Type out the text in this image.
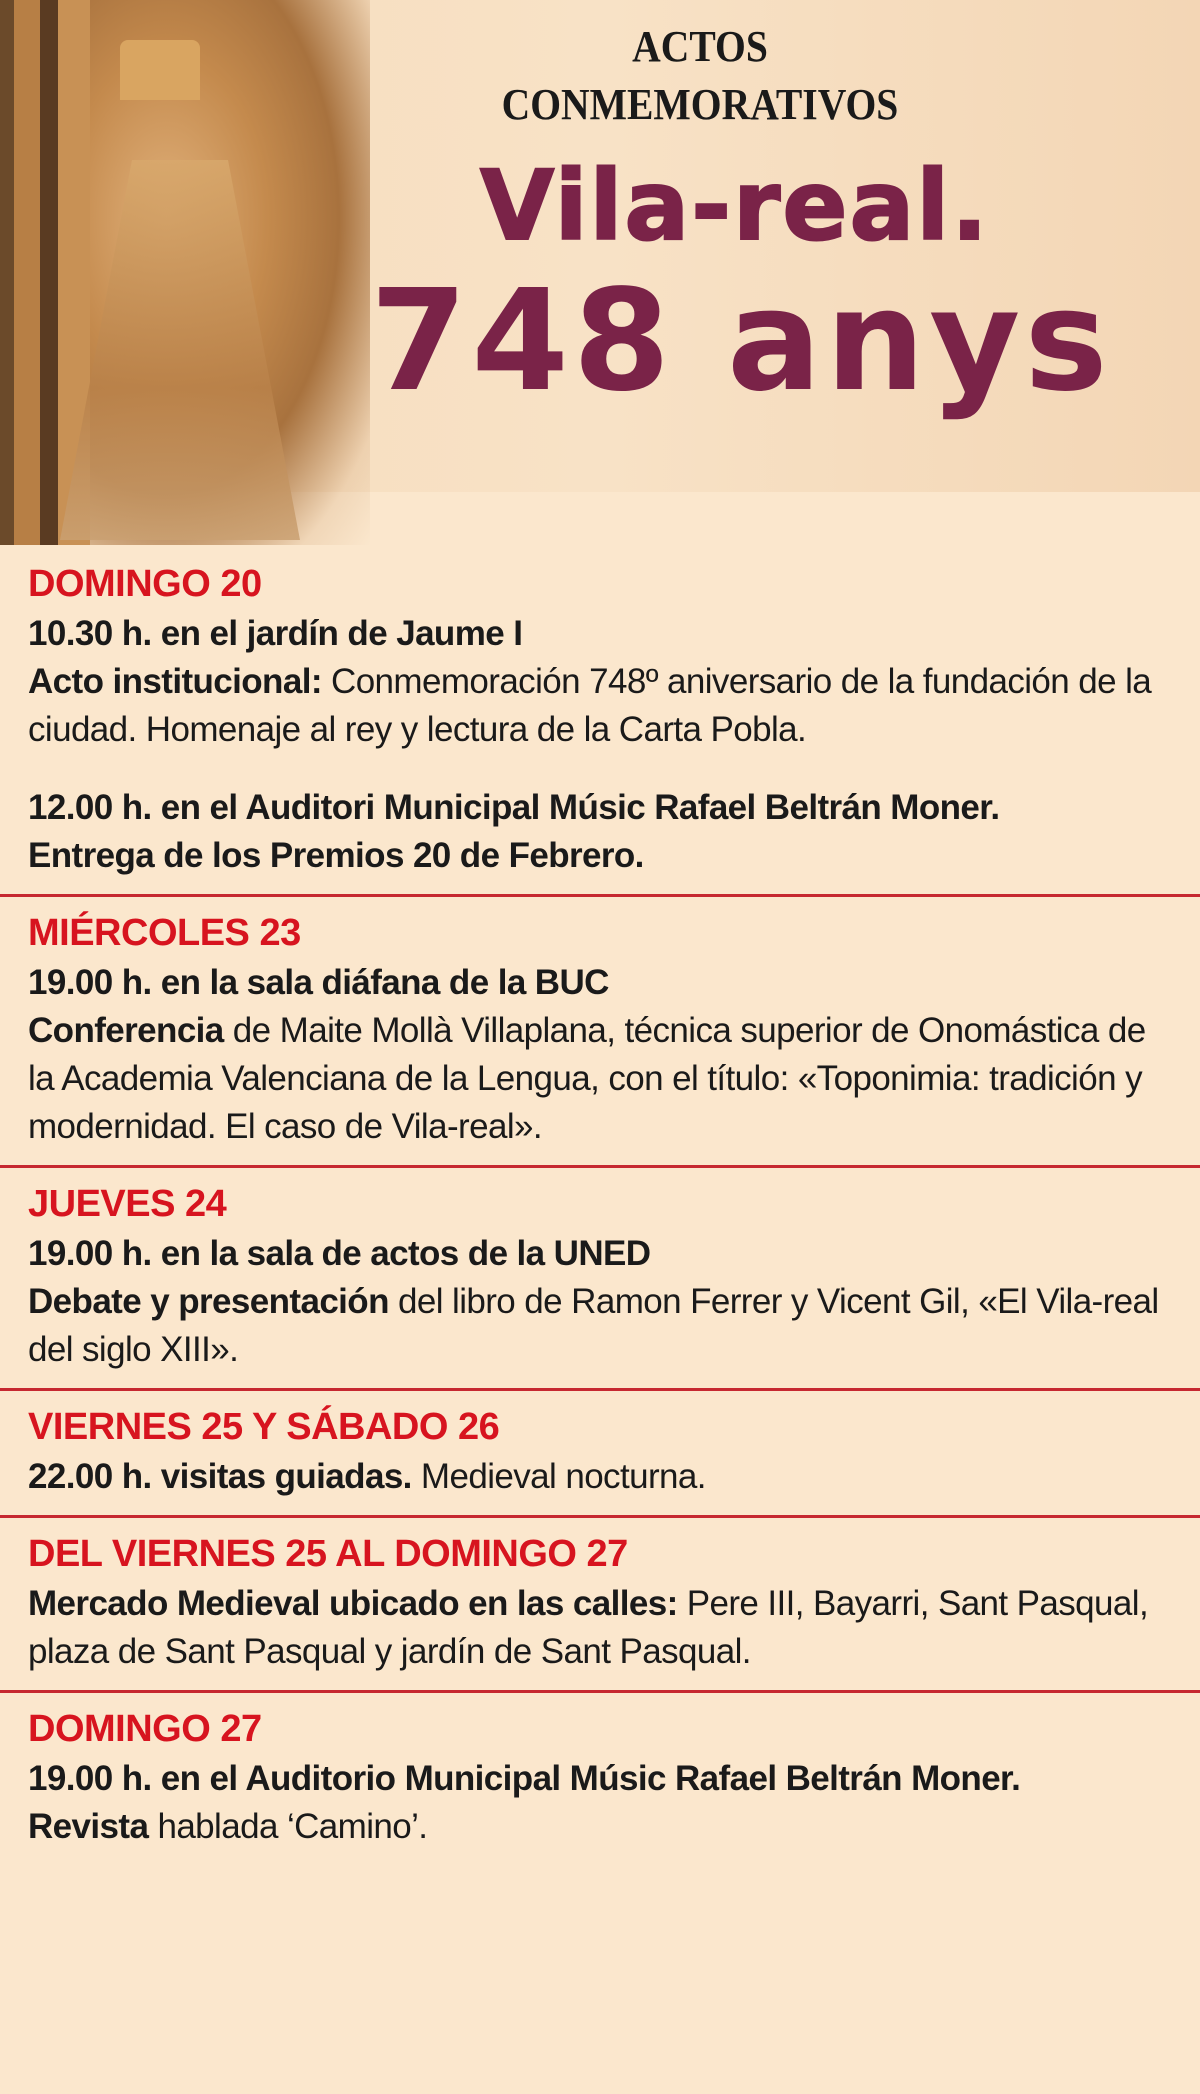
ACTOS
CONMEMORATIVOS
Vila-real.
748 anys
DOMINGO 20
10.30 h. en el jardín de Jaume I
Acto institucional: Conmemoración 748º aniversario de la fundación de la ciudad. Homenaje al rey y lectura de la Carta Pobla.
12.00 h. en el Auditori Municipal Músic Rafael Beltrán Moner.
Entrega de los Premios 20 de Febrero.
MIÉRCOLES 23
19.00 h. en la sala diáfana de la BUC
Conferencia de Maite Mollà Villaplana, técnica superior de Onomástica de la Academia Valenciana de la Lengua, con el título: «Toponimia: tradición y modernidad. El caso de Vila-real».
JUEVES 24
19.00 h. en la sala de actos de la UNED
Debate y presentación del libro de Ramon Ferrer y Vicent Gil, «El Vila-real del siglo XIII».
VIERNES 25 Y SÁBADO 26
22.00 h. visitas guiadas. Medieval nocturna.
DEL VIERNES 25 AL DOMINGO 27
Mercado Medieval ubicado en las calles: Pere III, Bayarri, Sant Pasqual, plaza de Sant Pasqual y jardín de Sant Pasqual.
DOMINGO 27
19.00 h. en el Auditorio Municipal Músic Rafael Beltrán Moner.
Revista hablada ‘Camino’.
